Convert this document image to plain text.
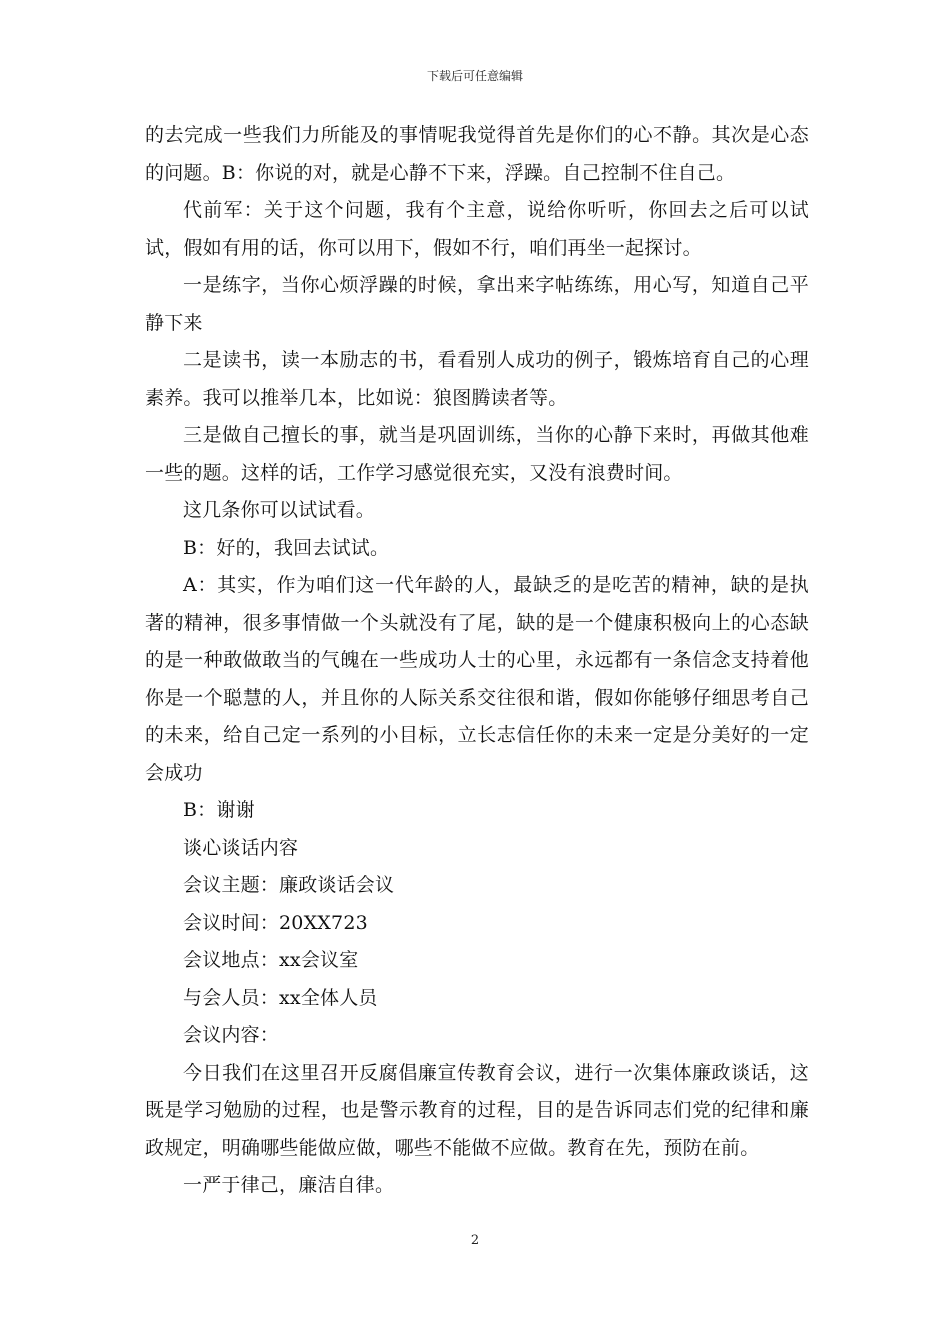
下载后可任意编辑

的去完成一些我们力所能及的事情呢我觉得首先是你们的心不静。其次是心态的问题。B：你说的对，就是心静不下来，浮躁。自己控制不住自己。

代前军：关于这个问题，我有个主意，说给你听听，你回去之后可以试试，假如有用的话，你可以用下，假如不行，咱们再坐一起探讨。

一是练字，当你心烦浮躁的时候，拿出来字帖练练，用心写，知道自己平静下来

二是读书，读一本励志的书，看看别人成功的例子，锻炼培育自己的心理素养。我可以推举几本，比如说：狼图腾读者等。

三是做自己擅长的事，就当是巩固训练，当你的心静下来时，再做其他难一些的题。这样的话，工作学习感觉很充实，又没有浪费时间。

这几条你可以试试看。

B：好的，我回去试试。

A：其实，作为咱们这一代年龄的人，最缺乏的是吃苦的精神，缺的是执著的精神，很多事情做一个头就没有了尾，缺的是一个健康积极向上的心态缺的是一种敢做敢当的气魄在一些成功人士的心里，永远都有一条信念支持着他你是一个聪慧的人，并且你的人际关系交往很和谐，假如你能够仔细思考自己的未来，给自己定一系列的小目标，立长志信任你的未来一定是分美好的一定会成功

B：谢谢

谈心谈话内容

会议主题：廉政谈话会议

会议时间：20XX723

会议地点：xx会议室

与会人员：xx全体人员

会议内容：

今日我们在这里召开反腐倡廉宣传教育会议，进行一次集体廉政谈话，这既是学习勉励的过程，也是警示教育的过程，目的是告诉同志们党的纪律和廉政规定，明确哪些能做应做，哪些不能做不应做。教育在先，预防在前。

一严于律己，廉洁自律。

2
